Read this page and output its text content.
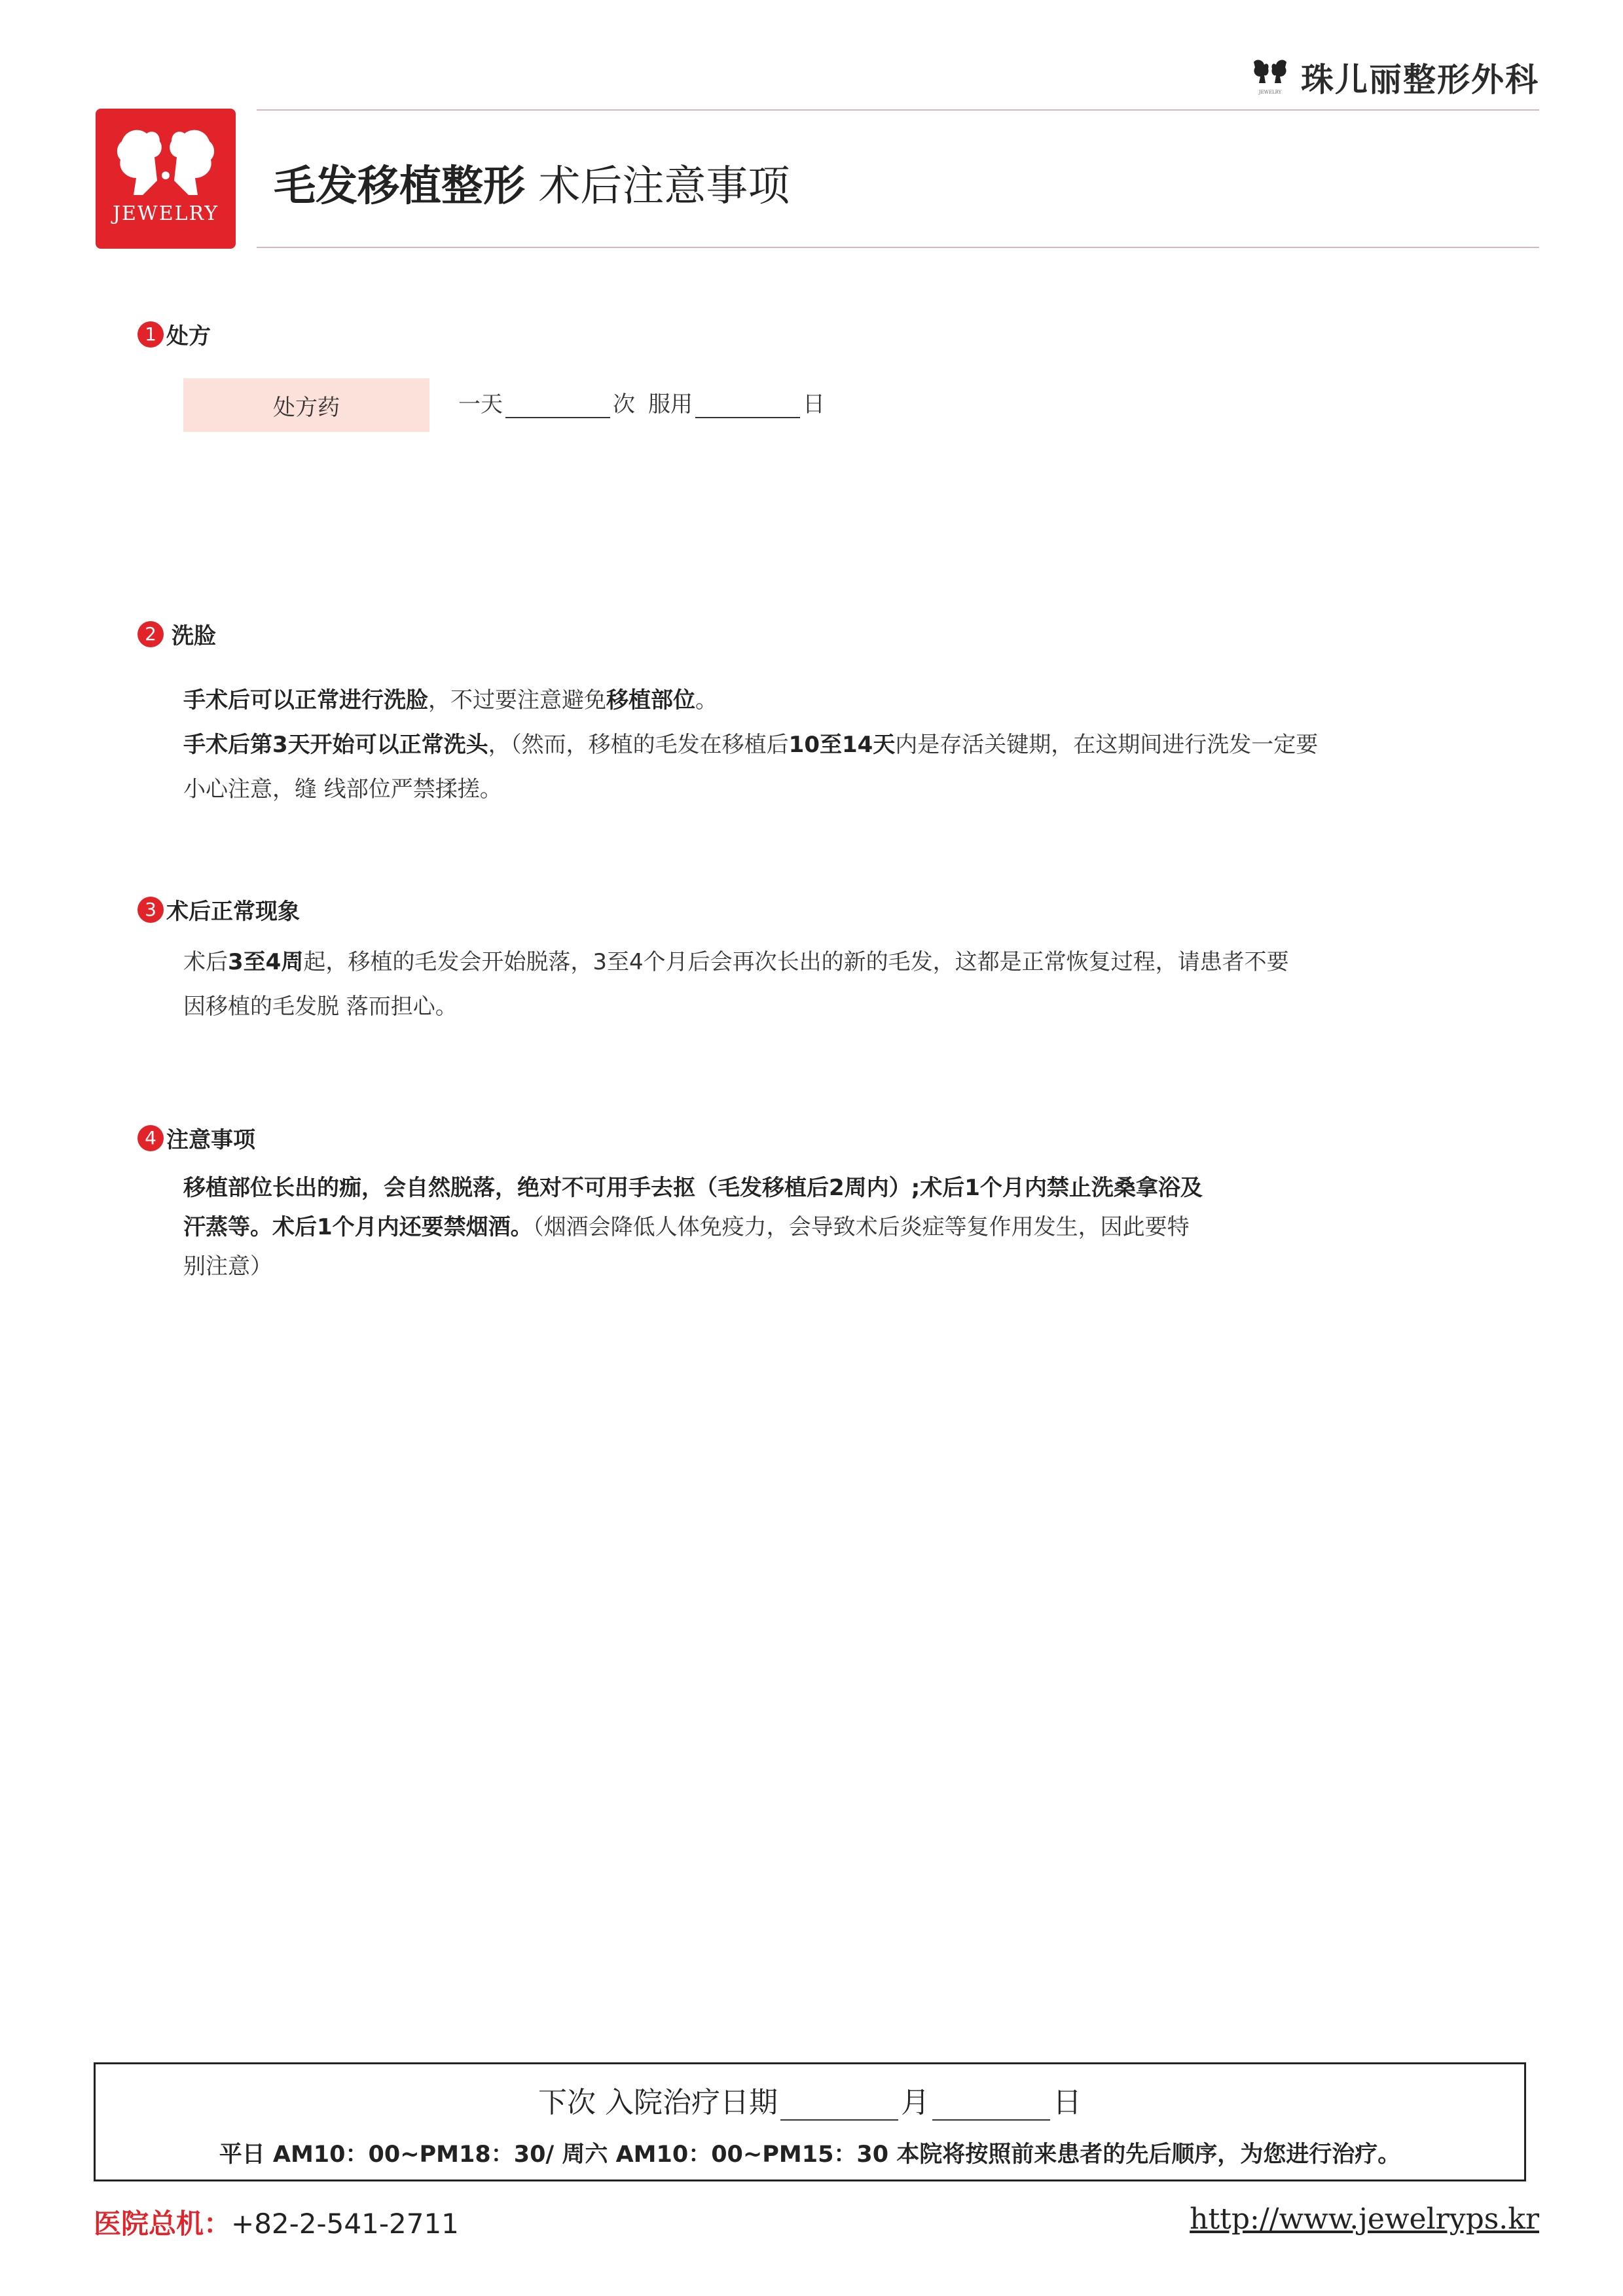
JEWELRY 珠儿丽整形外科
JEWELRY
毛发移植整形 术后注意事项
1 处方
处方药	一天	次 服用	日
2 洗脸
手术后可以正常进行洗脸，不过要注意避免移植部位。
手术后第3天开始可以正常洗头，（然而，移植的毛发在移植后10至14天内是存活关键期，在这期间进行洗发一定要
小心注意，缝 线部位严禁揉搓。
3 术后正常现象
术后3至4周起，移植的毛发会开始脱落，3至4个月后会再次长出的新的毛发，这都是正常恢复过程，请患者不要
因移植的毛发脱 落而担心。
4 注意事项
移植部位长出的痂，会自然脱落，绝对不可用手去抠（毛发移植后2周内）;术后1个月内禁止洗桑拿浴及
汗蒸等。术后1个月内还要禁烟酒。（烟酒会降低人体免疫力，会导致术后炎症等复作用发生，因此要特
别注意）
下次 入院治疗日期	月	日
平日 AM10：00~PM18：30/ 周六 AM10：00~PM15：30 本院将按照前来患者的先后顺序，为您进行治疗。
医院总机：+82-2-541-2711	http://www.jewelryps.kr
